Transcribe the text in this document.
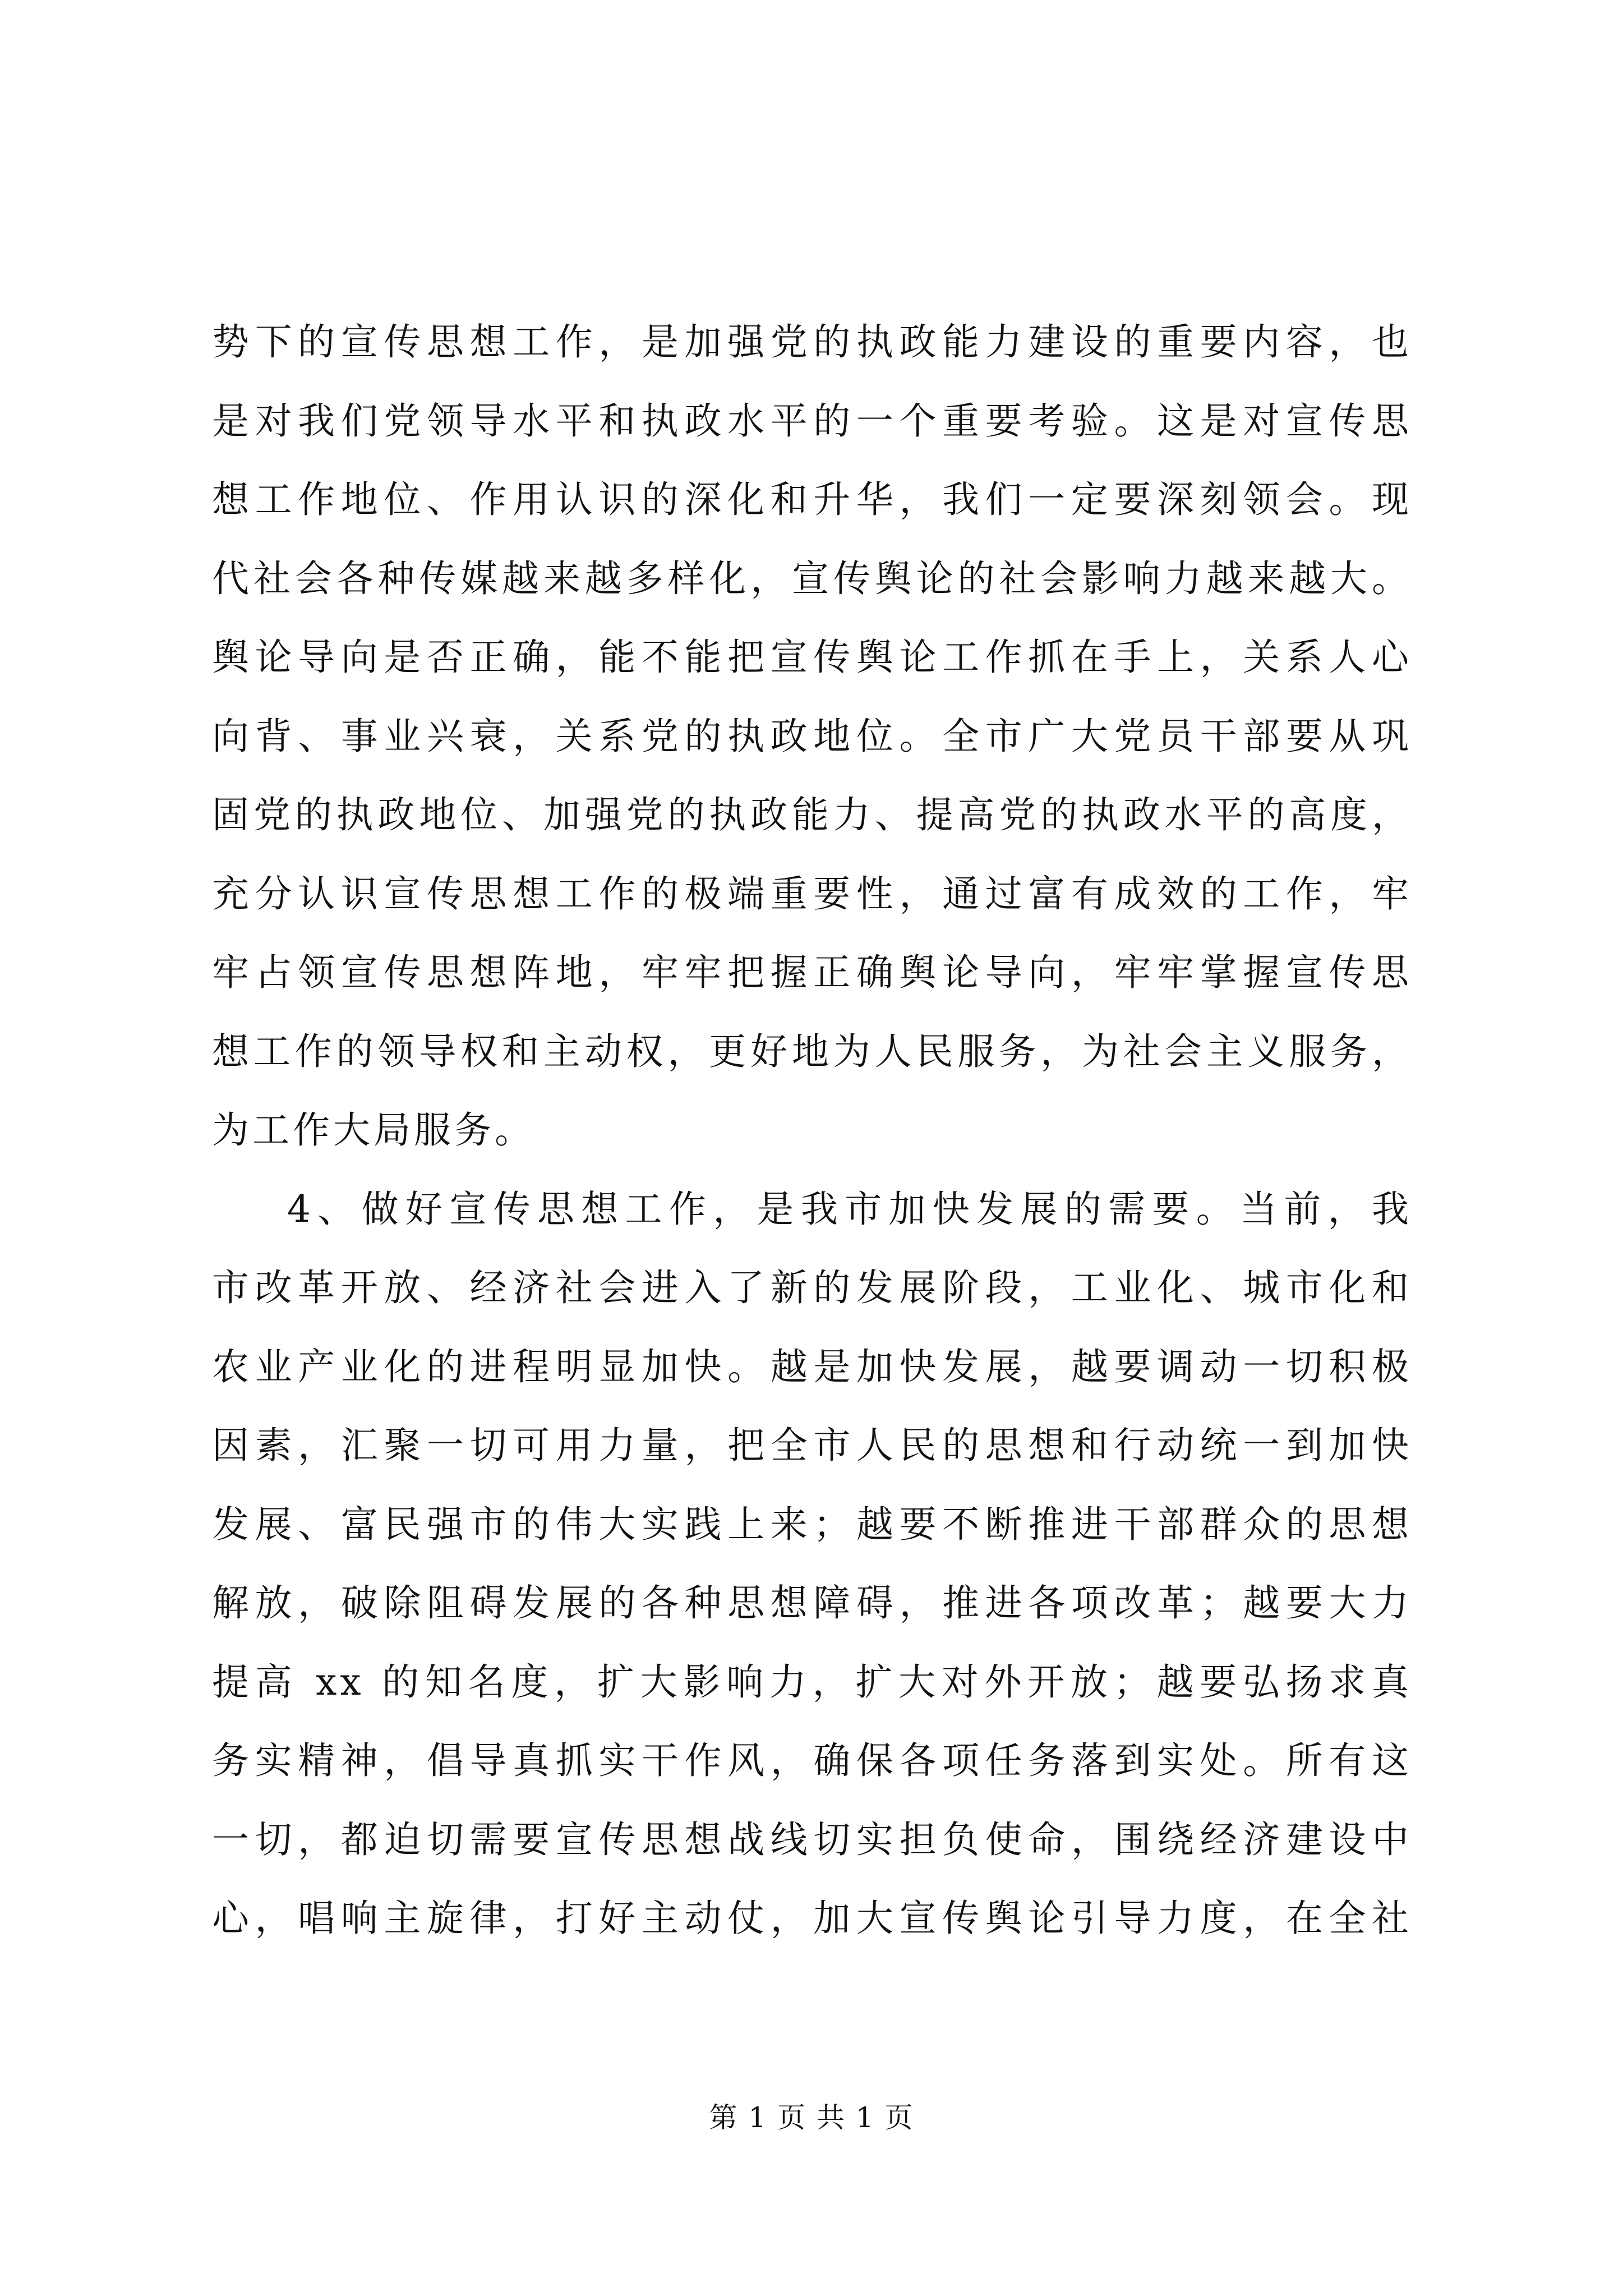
势下的宣传思想工作，是加强党的执政能力建设的重要内容，也
是对我们党领导水平和执政水平的一个重要考验。这是对宣传思
想工作地位、作用认识的深化和升华，我们一定要深刻领会。现
代社会各种传媒越来越多样化，宣传舆论的社会影响力越来越大。
舆论导向是否正确，能不能把宣传舆论工作抓在手上，关系人心
向背、事业兴衰，关系党的执政地位。全市广大党员干部要从巩
固党的执政地位、加强党的执政能力、提高党的执政水平的高度，
充分认识宣传思想工作的极端重要性，通过富有成效的工作，牢
牢占领宣传思想阵地，牢牢把握正确舆论导向，牢牢掌握宣传思
想工作的领导权和主动权，更好地为人民服务，为社会主义服务，
为工作大局服务。
4、做好宣传思想工作，是我市加快发展的需要。当前，我
市改革开放、经济社会进入了新的发展阶段，工业化、城市化和
农业产业化的进程明显加快。越是加快发展，越要调动一切积极
因素，汇聚一切可用力量，把全市人民的思想和行动统一到加快
发展、富民强市的伟大实践上来；越要不断推进干部群众的思想
解放，破除阻碍发展的各种思想障碍，推进各项改革；越要大力
提高 xx 的知名度，扩大影响力，扩大对外开放；越要弘扬求真
务实精神，倡导真抓实干作风，确保各项任务落到实处。所有这
一切，都迫切需要宣传思想战线切实担负使命，围绕经济建设中
心，唱响主旋律，打好主动仗，加大宣传舆论引导力度，在全社
第 1 页 共 1 页
